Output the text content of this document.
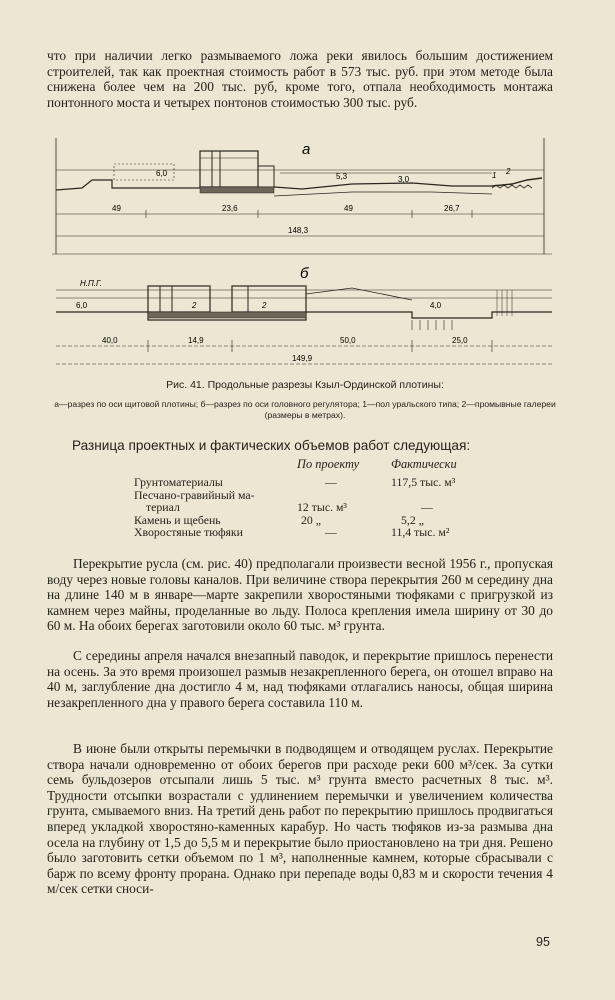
что при наличии легко размываемого ложа реки явилось большим достижением строителей, так как проектная стоимость работ в 573 тыс. руб. при этом методе была снижена более чем на 200 тыс. руб, кроме того, отпала необходимость монтажа понтонного моста и четырех понтонов стоимостью 300 тыс. руб.

а
6,0	5,3	3,0
49	23,6	49	26,7
148,3
1 2
б
Н.П.Г.
6,0	4,0
40,0	14,9	50,0	25,0
149,9
2	2
Рис. 41. Продольные разрезы Кзыл-Ординской плотины:
а—разрез по оси щитовой плотины; б—разрез по оси головного регулятора; 1—пол уральского типа; 2—промывные галереи (размеры в метрах).
Разница проектных и фактических объемов работ следующая:
	По проекту	Фактически
Грунтоматериалы	—	117,5 тыс. м³
Песчано-гравийный ма-		
териал	12 тыс. м³	—
Камень и щебень	20 „	5,2 „
Хворостяные тюфяки	—	11,4 тыс. м²

Перекрытие русла (см. рис. 40) предполагали произвести весной 1956 г., пропуская воду через новые головы каналов. При величине створа перекрытия 260 м середину дна на длине 140 м в январе—марте закрепили хворостяными тюфяками с пригрузкой из камнем через майны, проделанные во льду. Полоса крепления имела ширину от 30 до 60 м. На обоих берегах заготовили около 60 тыс. м³ грунта.

С середины апреля начался внезапный паводок, и перекрытие пришлось перенести на осень. За это время произошел размыв незакрепленного берега, он отошел вправо на 40 м, заглубление дна достигло 4 м, над тюфяками отлагались наносы, общая ширина незакрепленного дна у правого берега составила 110 м.

В июне были открыты перемычки в подводящем и отводящем руслах. Перекрытие створа начали одновременно от обоих берегов при расходе реки 600 м³/сек. За сутки семь бульдозеров отсыпали лишь 5 тыс. м³ грунта вместо расчетных 8 тыс. м³. Трудности отсыпки возрастали с удлинением перемычки и увеличением количества грунта, смываемого вниз. На третий день работ по перекрытию пришлось продвигаться вперед укладкой хворостяно-каменных карабур. Но часть тюфяков из-за размыва дна осела на глубину от 1,5 до 5,5 м и перекрытие было приостановлено на три дня. Решено было заготовить сетки объемом по 1 м³, наполненные камнем, которые сбрасывали с барж по всему фронту прорана. Однако при перепаде воды 0,83 м и скорости течения 4 м/сек сетки сноси-

95
